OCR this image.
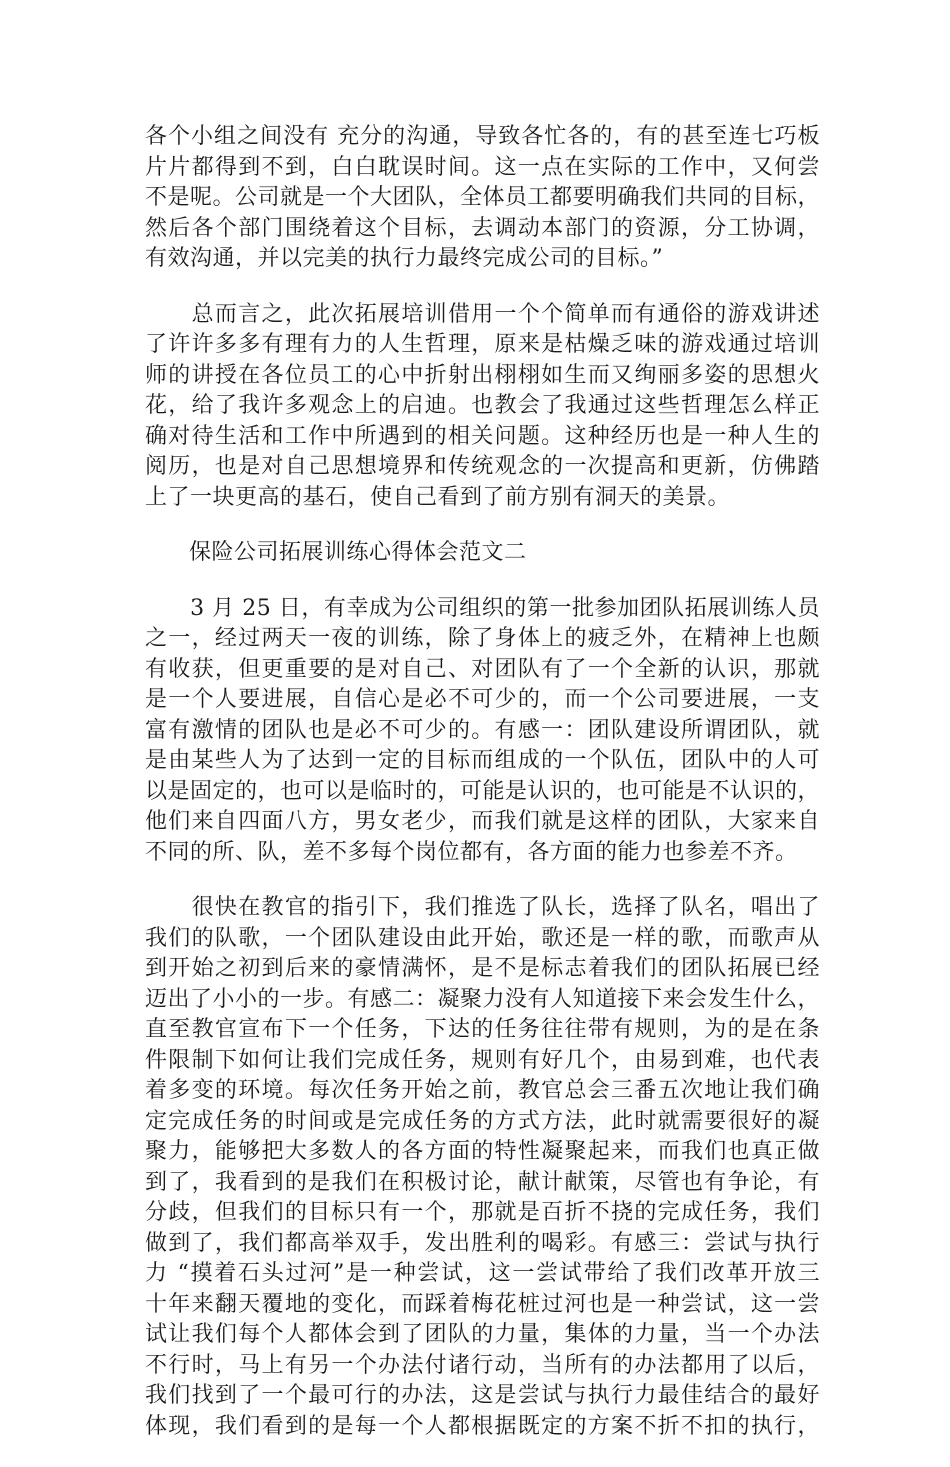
各个小组之间没有 充分的沟通，导致各忙各的，有的甚至连七巧板
片片都得到不到，白白耽误时间。这一点在实际的工作中，又何尝
不是呢。公司就是一个大团队，全体员工都要明确我们共同的目标，
然后各个部门围绕着这个目标，去调动本部门的资源，分工协调，
有效沟通，并以完美的执行力最终完成公司的目标。”
　　总而言之，此次拓展培训借用一个个简单而有通俗的游戏讲述
了许许多多有理有力的人生哲理，原来是枯燥乏味的游戏通过培训
师的讲授在各位员工的心中折射出栩栩如生而又绚丽多姿的思想火
花，给了我许多观念上的启迪。也教会了我通过这些哲理怎么样正
确对待生活和工作中所遇到的相关问题。这种经历也是一种人生的
阅历，也是对自己思想境界和传统观念的一次提高和更新，仿佛踏
上了一块更高的基石，使自己看到了前方别有洞天的美景。
保险公司拓展训练心得体会范文二
　　3 月 25 日，有幸成为公司组织的第一批参加团队拓展训练人员
之一，经过两天一夜的训练，除了身体上的疲乏外，在精神上也颇
有收获，但更重要的是对自己、对团队有了一个全新的认识，那就
是一个人要进展，自信心是必不可少的，而一个公司要进展，一支
富有激情的团队也是必不可少的。有感一：团队建设所谓团队，就
是由某些人为了达到一定的目标而组成的一个队伍，团队中的人可
以是固定的，也可以是临时的，可能是认识的，也可能是不认识的，
他们来自四面八方，男女老少，而我们就是这样的团队，大家来自
不同的所、队，差不多每个岗位都有，各方面的能力也参差不齐。
　　很快在教官的指引下，我们推选了队长，选择了队名，唱出了
我们的队歌，一个团队建设由此开始，歌还是一样的歌，而歌声从
到开始之初到后来的豪情满怀，是不是标志着我们的团队拓展已经
迈出了小小的一步。有感二：凝聚力没有人知道接下来会发生什么，
直至教官宣布下一个任务，下达的任务往往带有规则，为的是在条
件限制下如何让我们完成任务，规则有好几个，由易到难，也代表
着多变的环境。每次任务开始之前，教官总会三番五次地让我们确
定完成任务的时间或是完成任务的方式方法，此时就需要很好的凝
聚力，能够把大多数人的各方面的特性凝聚起来，而我们也真正做
到了，我看到的是我们在积极讨论，献计献策，尽管也有争论，有
分歧，但我们的目标只有一个，那就是百折不挠的完成任务，我们
做到了，我们都高举双手，发出胜利的喝彩。有感三：尝试与执行
力 “摸着石头过河”是一种尝试，这一尝试带给了我们改革开放三
十年来翻天覆地的变化，而踩着梅花桩过河也是一种尝试，这一尝
试让我们每个人都体会到了团队的力量，集体的力量，当一个办法
不行时，马上有另一个办法付诸行动，当所有的办法都用了以后，
我们找到了一个最可行的办法，这是尝试与执行力最佳结合的最好
体现，我们看到的是每一个人都根据既定的方案不折不扣的执行，
